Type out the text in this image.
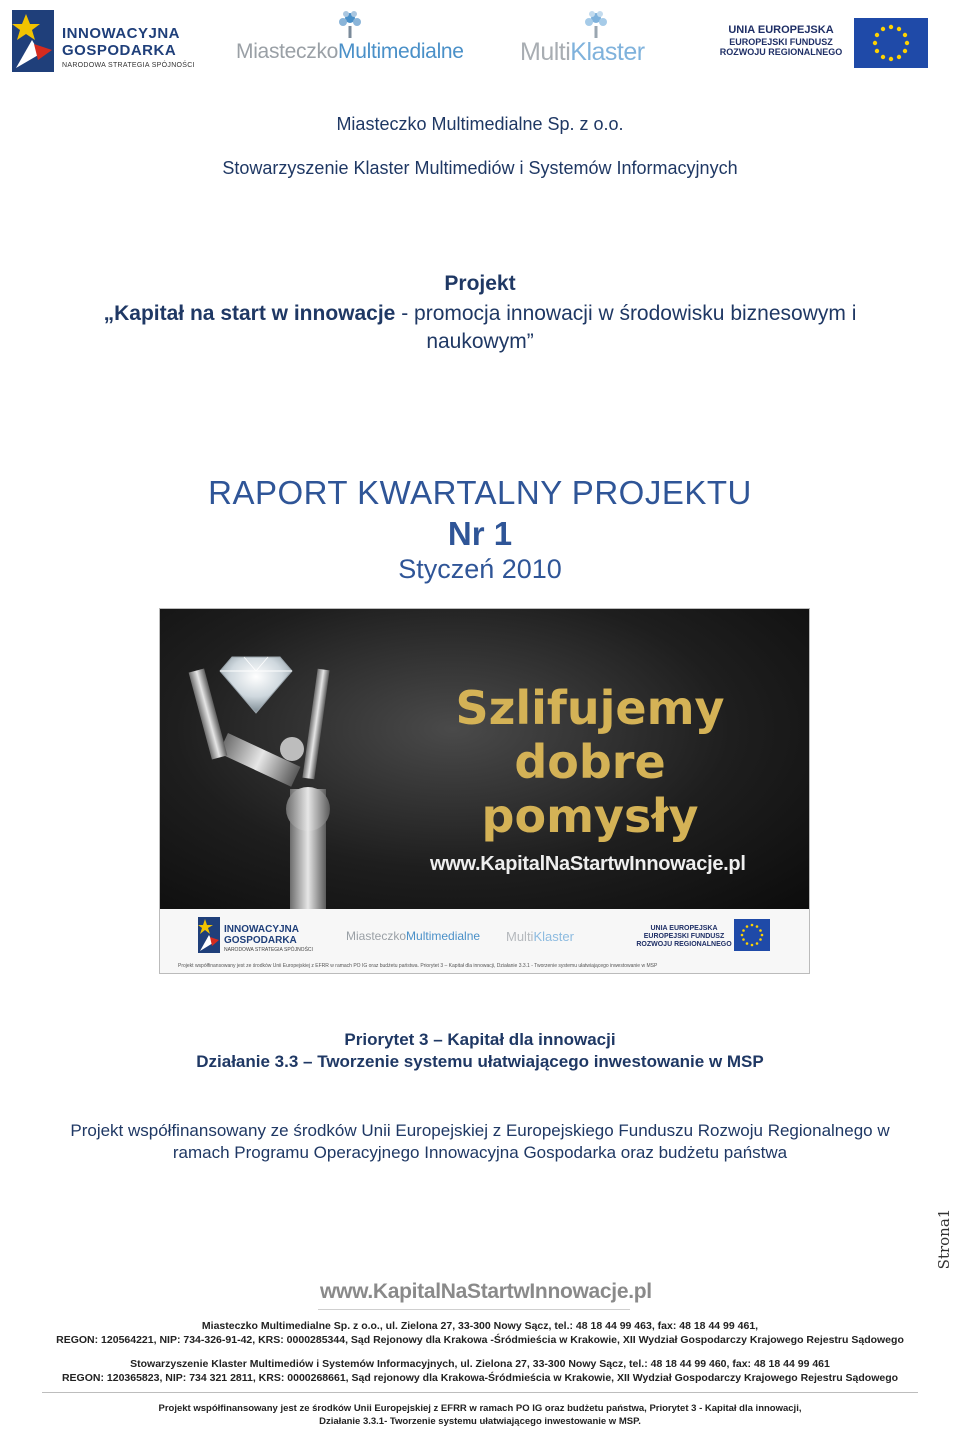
INNOWACYJNA
GOSPODARKA
NARODOWA STRATEGIA SPÓJNOŚCI
MiasteczkoMultimedialne MultiKlaster
UNIA EUROPEJSKA
EUROPEJSKI FUNDUSZ
ROZWOJU REGIONALNEGO
Miasteczko Multimedialne Sp. z o.o.
Stowarzyszenie Klaster Multimediów i Systemów Informacyjnych
Projekt
„Kapitał na start w innowacje - promocja innowacji w środowisku biznesowym i naukowym”
RAPORT KWARTALNY PROJEKTU
Nr 1
Styczeń 2010
Szlifujemy
dobre pomysły
www.KapitalNaStartwInnowacje.pl
INNOWACYJNA
GOSPODARKA
NARODOWA STRATEGIA SPÓJNOŚCI
MiasteczkoMultimedialne MultiKlaster
UNIA EUROPEJSKA EUROPEJSKI FUNDUSZ ROZWOJU REGIONALNEGO
Projekt współfinansowany jest ze środków Unii Europejskiej z EFRR w ramach PO IG oraz budżetu państwa. Priorytet 3 – Kapitał dla innowacji, Działanie 3.3.1 - Tworzenie systemu ułatwiającego inwestowanie w MSP
Priorytet 3 – Kapitał dla innowacji
Działanie 3.3 – Tworzenie systemu ułatwiającego inwestowanie w MSP
Projekt współfinansowany ze środków Unii Europejskiej z Europejskiego Funduszu Rozwoju Regionalnego w ramach Programu Operacyjnego Innowacyjna Gospodarka oraz budżetu państwa
Strona1
www.KapitalNaStartwInnowacje.pl
Miasteczko Multimedialne Sp. z o.o., ul. Zielona 27, 33-300 Nowy Sącz, tel.: 48 18 44 99 463, fax: 48 18 44 99 461,
REGON: 120564221, NIP: 734-326-91-42, KRS: 0000285344, Sąd Rejonowy dla Krakowa -Śródmieścia w Krakowie, XII Wydział Gospodarczy Krajowego Rejestru Sądowego
Stowarzyszenie Klaster Multimediów i Systemów Informacyjnych, ul. Zielona 27, 33-300 Nowy Sącz, tel.: 48 18 44 99 460, fax: 48 18 44 99 461
REGON: 120365823, NIP: 734 321 2811, KRS: 0000268661, Sąd rejonowy dla Krakowa-Śródmieścia w Krakowie, XII Wydział Gospodarczy Krajowego Rejestru Sądowego
Projekt współfinansowany jest ze środków Unii Europejskiej z EFRR w ramach PO IG oraz budżetu państwa, Priorytet 3 - Kapitał dla innowacji,
Działanie 3.3.1- Tworzenie systemu ułatwiającego inwestowanie w MSP.
